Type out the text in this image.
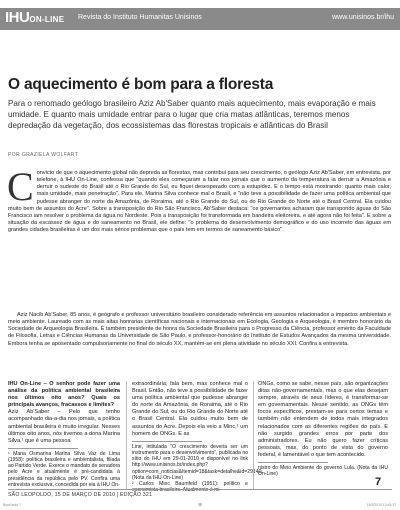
IHUON-LINE Revista do Instituto Humanitas Unisinos	www.unisinos.br/ihu
O aquecimento é bom para a floresta
Para o renomado geólogo brasileiro Aziz Ab'Saber quanto mais aquecimento, mais evaporação e mais umidade. E quanto mais umidade entrar para o lugar que cria matas atlânticas, teremos menos depredação da vegetação, dos ecossistemas das florestas tropicais e atlânticas do Brasil
POR GRAZIELA WOLFART
Convicto de que o aquecimento global não depreda as florestas, mas contribui para seu crescimento, o geólogo Aziz Ab'Saber, em entrevista, por telefone, à IHU On-Line, confessa que "quando eles começaram a falar nos jornais que o aumento da temperatura ia derruir a Amazônia e derruir o sudeste do Brasil até o Rio Grande do Sul, eu fiquei desesperado com a estupidez. E o tempo está mostrando: quanto mais calor, mais umidade, mais penetração". Para ele, Marina Silva conhece mal o Brasil, e "não teve a possibilidade de fazer uma política ambiental que pudesse abranger do norte da Amazônia, de Roraima, até o Rio Grande do Sul, ou do Rio Grande do Norte até o Brasil Central. Ela cuidou muito bem de assuntos do Acre". Sobre a transposição do Rio São Francisco, Ab'Saber destaca: "os governantes acharam que transpondo águas do São Francisco iam resolver o problema da água no Nordeste. Pois a transposição foi transformada em bandeira eleitoreira, e até agora não foi feita". E sobre a situação da escassez de água e do saneamento no Brasil, ele define: "o problema do desenvolvimento demográfico e do uso incorreto das águas em grandes cidades brasileiras é um dos mais sérios problemas que o país tem em termos de saneamento básico".
Aziz Nacib Ab'Saber, 85 anos, é geógrafo e professor universitário brasileiro considerado referência em assuntos relacionados a impactos ambientais e meio ambiente. Laureado com as mais altas honrarias científicas nacionais e internacionais em Ecologia, Geologia e Arqueologia, é membro honorário da Sociedade de Arqueologia Brasileira. É também presidente de honra da Sociedade Brasileira para o Progresso da Ciência, professor emérito da Faculdade de Filosofia, Letras e Ciências Humanas da Universidade de São Paulo, e professor-honorário do Instituto de Estudos Avançados da mesma universidade. Embora tenha se aposentado compulsoriamente no final do século XX, mantém-se em plena atividade no século XXI. Confira a entrevista.
IHU On-Line – O senhor pode fazer uma análise da política ambiental brasileira nos últimos oito anos? Quais os principais avanços, fracassos e limites?
Aziz Ab'Saber – Pelo que tenho acompanhado dia-a-dia nos jornais, a política ambiental brasileira é muito irregular. Nesses últimos oito anos, nós tivemos a dona Marina Silva,¹ que é uma pessoa
¹ Maria Osmarina Marina Silva Vaz de Lima (1958): política brasileira e ambientalista, filiada ao Partido Verde. Exerce o mandato de senadora pelo Acre e atualmente é pré-candidata à presidência da república pelo PV. Confira uma entrevista exclusiva, concedida por ela à IHU On-
extraordinária, fala bem, mas conhece mal o Brasil. Então, não teve a possibilidade de fazer uma política ambiental que pudesse abranger do norte da Amazônia, de Roraima, até o Rio Grande do Sul, ou do Rio Grande do Norte até o Brasil Central. Ela cuidou muito bem de assuntos do Acre. Depois ela veio a Minc,² um homem de ONGs. E as
Line, intitulada "O crescimento deveria ser um instrumento para o desenvolvimento", publicada no sítio do IHU em 29-01-2010 e disponível no link http://www.unisinos.br/index.php?option=com_noticias&Itemid=18&task=detalhe&id=29140. (Nota da IHU On-Line)
² Carlos Minc Baumfeld (1951): político e economista brasileiro. Atualmente é mi-
ONGs, como se sabe, nesse país, são organizações ditas não-governamentais, mas o que elas desejam sempre, através de seus líderes, é transformar-se em governamentais. Nesse sentido, as ONGs têm focos específicos, prestam-se para certos temas e também não entendem de todos mais integrados relacionados com as diferentes regiões do país. E não surgido grandes erros por parte dos administradores. Eu não quero fazer críticas pessoais, mas, do ponto de vista do governo federal, é lamentável o que tem acontecido.
nistro do Meio Ambiente do governo Lula. (Nota da IHU On-Line)
7
SÃO LEOPOLDO, 15 DE MARÇO DE 2010 | EDIÇÃO 321
Book.indd 7	⊕	15/3/2010 13:45:17
